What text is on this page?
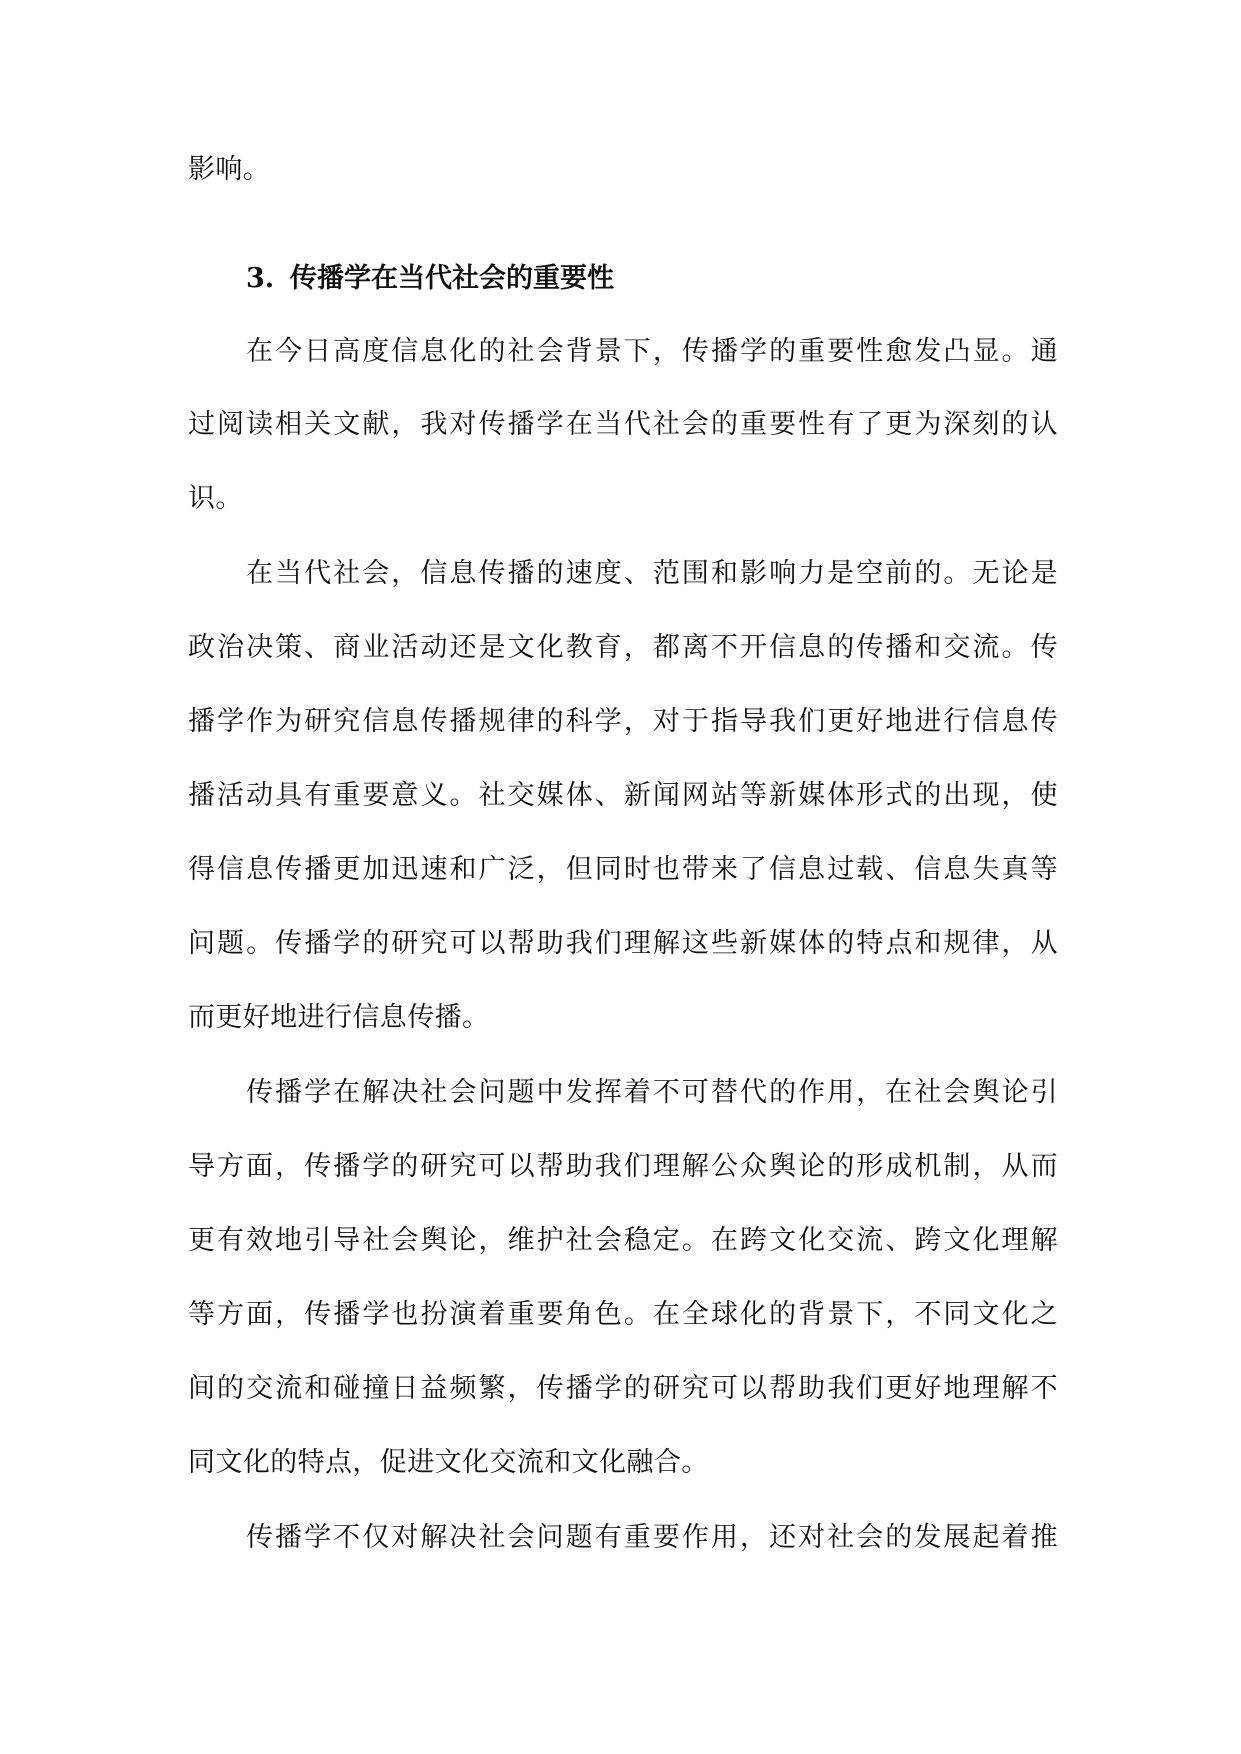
影响。
3. 传播学在当代社会的重要性
在今日高度信息化的社会背景下，传播学的重要性愈发凸显。通
过阅读相关文献，我对传播学在当代社会的重要性有了更为深刻的认
识。
在当代社会，信息传播的速度、范围和影响力是空前的。无论是
政治决策、商业活动还是文化教育，都离不开信息的传播和交流。传
播学作为研究信息传播规律的科学，对于指导我们更好地进行信息传
播活动具有重要意义。社交媒体、新闻网站等新媒体形式的出现，使
得信息传播更加迅速和广泛，但同时也带来了信息过载、信息失真等
问题。传播学的研究可以帮助我们理解这些新媒体的特点和规律，从
而更好地进行信息传播。
传播学在解决社会问题中发挥着不可替代的作用，在社会舆论引
导方面，传播学的研究可以帮助我们理解公众舆论的形成机制，从而
更有效地引导社会舆论，维护社会稳定。在跨文化交流、跨文化理解
等方面，传播学也扮演着重要角色。在全球化的背景下，不同文化之
间的交流和碰撞日益频繁，传播学的研究可以帮助我们更好地理解不
同文化的特点，促进文化交流和文化融合。
传播学不仅对解决社会问题有重要作用，还对社会的发展起着推
